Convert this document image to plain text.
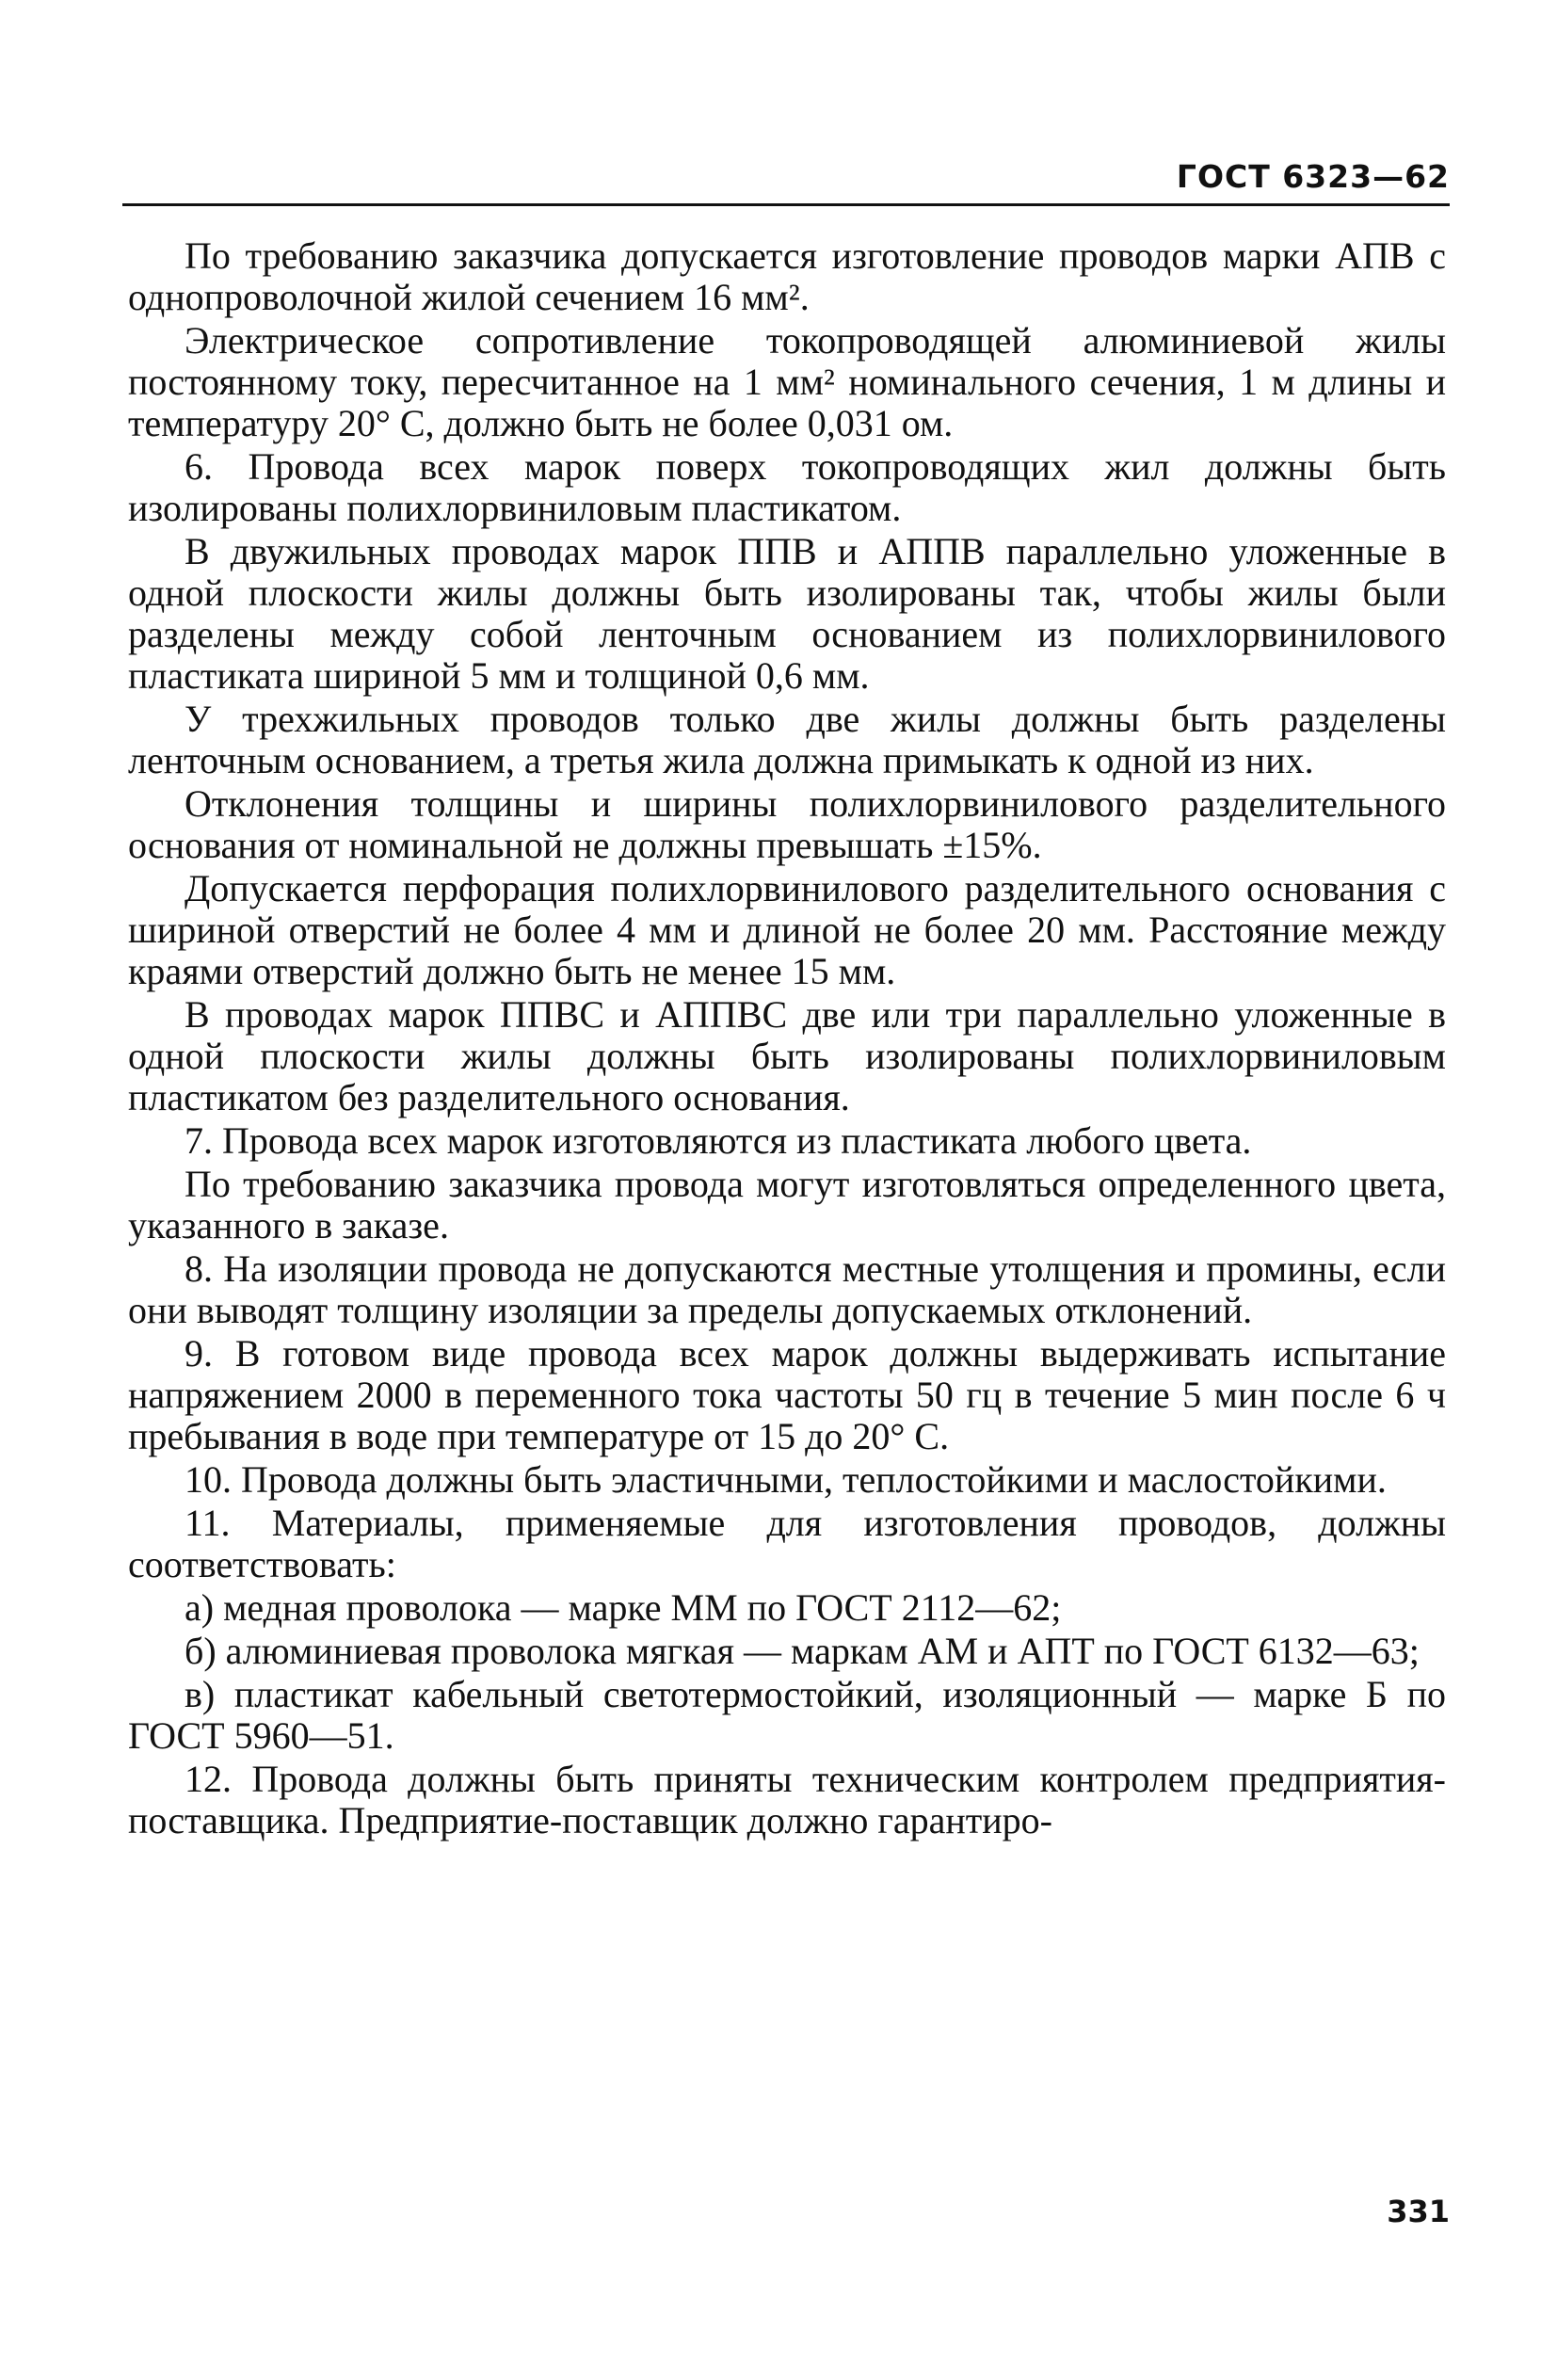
ГОСТ 6323—62

По требованию заказчика допускается изготовление проводов марки АПВ с однопроволочной жилой сечением 16 мм².

Электрическое сопротивление токопроводящей алюминиевой жилы постоянному току, пересчитанное на 1 мм² номинального сечения, 1 м длины и температуру 20° С, должно быть не более 0,031 ом.

6. Провода всех марок поверх токопроводящих жил должны быть изолированы полихлорвиниловым пластикатом.

В двужильных проводах марок ППВ и АППВ параллельно уложенные в одной плоскости жилы должны быть изолированы так, чтобы жилы были разделены между собой ленточным основанием из полихлорвинилового пластиката шириной 5 мм и толщиной 0,6 мм.

У трехжильных проводов только две жилы должны быть разделены ленточным основанием, а третья жила должна примыкать к одной из них.

Отклонения толщины и ширины полихлорвинилового разделительного основания от номинальной не должны превышать ±15%.

Допускается перфорация полихлорвинилового разделительного основания с шириной отверстий не более 4 мм и длиной не более 20 мм. Расстояние между краями отверстий должно быть не менее 15 мм.

В проводах марок ППВС и АППВС две или три параллельно уложенные в одной плоскости жилы должны быть изолированы полихлорвиниловым пластикатом без разделительного основания.

7. Провода всех марок изготовляются из пластиката любого цвета.

По требованию заказчика провода могут изготовляться определенного цвета, указанного в заказе.

8. На изоляции провода не допускаются местные утолщения и промины, если они выводят толщину изоляции за пределы допускаемых отклонений.

9. В готовом виде провода всех марок должны выдерживать испытание напряжением 2000 в переменного тока частоты 50 гц в течение 5 мин после 6 ч пребывания в воде при температуре от 15 до 20° С.

10. Провода должны быть эластичными, теплостойкими и маслостойкими.

11. Материалы, применяемые для изготовления проводов, должны соответствовать:

а) медная проволока — марке ММ по ГОСТ 2112—62;

б) алюминиевая проволока мягкая — маркам АМ и АПТ по ГОСТ 6132—63;

в) пластикат кабельный светотермостойкий, изоляционный — марке Б по ГОСТ 5960—51.

12. Провода должны быть приняты техническим контролем предприятия-поставщика. Предприятие-поставщик должно гарантиро-

331
